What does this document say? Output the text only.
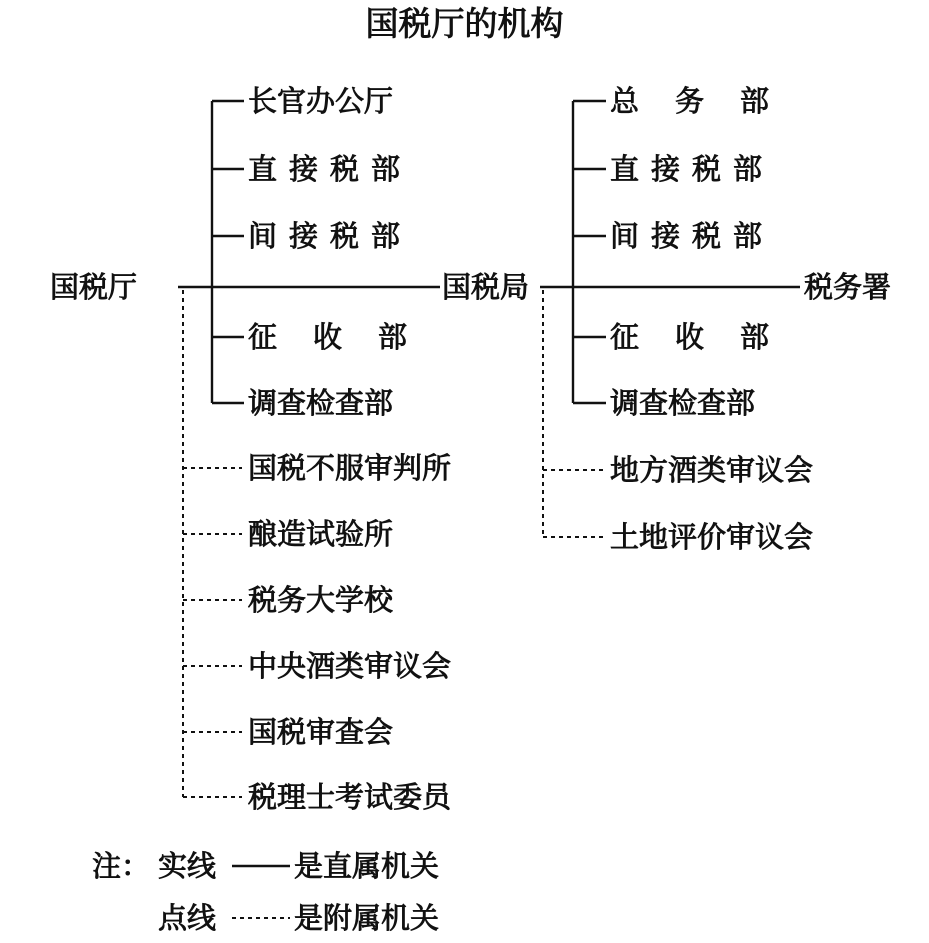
国税厅的机构
国税厅	国税局	税务署
长官办公厅
直接税部
间接税部
征收部
调查检查部
国税不服审判所
酿造试验所
税务大学校
中央酒类审议会
国税审查会
税理士考试委员
总务部
直接税部
间接税部
征收部
调查检查部
地方酒类审议会
土地评价审议会
注： 实线	是直属机关
点线	是附属机关
